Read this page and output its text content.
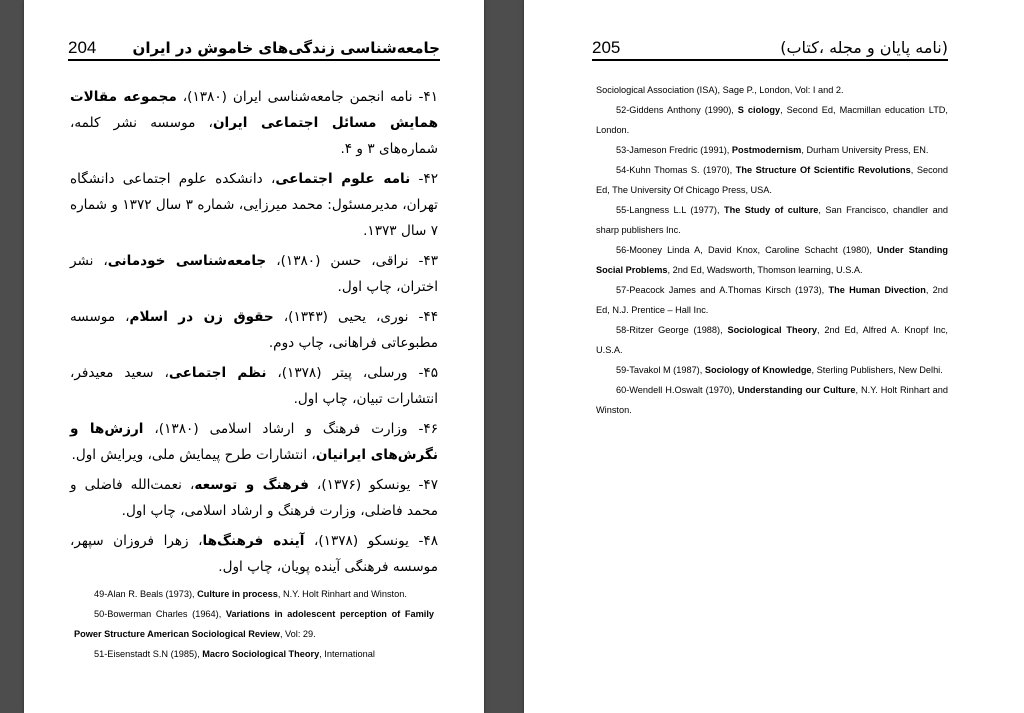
204 جامعه‌شناسی زندگی‌های خاموش در ایران

۴۱- نامه انجمن جامعه‌شناسی ایران (۱۳۸۰)، مجموعه مقالات همایش مسائل اجتماعی ایران، موسسه نشر کلمه، شماره‌های ۳ و ۴.

۴۲- نامه علوم اجتماعی، دانشکده علوم اجتماعی دانشگاه تهران، مدیرمسئول: محمد میرزایی، شماره ۳ سال ۱۳۷۲ و شماره ۷ سال ۱۳۷۳.

۴۳- نراقی، حسن (۱۳۸۰)، جامعه‌شناسی خودمانی، نشر اختران، چاپ اول.

۴۴- نوری، یحیی (۱۳۴۳)، حقوق زن در اسلام، موسسه مطبوعاتی فراهانی، چاپ دوم.

۴۵- ورسلی، پیتر (۱۳۷۸)، نظم اجتماعی، سعید معیدفر، انتشارات تبیان، چاپ اول.

۴۶- وزارت فرهنگ و ارشاد اسلامی (۱۳۸۰)، ارزش‌ها و نگرش‌های ایرانیان، انتشارات طرح پیمایش ملی، ویرایش اول.

۴۷- یونسکو (۱۳۷۶)، فرهنگ و توسعه، نعمت‌الله فاضلی و محمد فاضلی، وزارت فرهنگ و ارشاد اسلامی، چاپ اول.

۴۸- یونسکو (۱۳۷۸)، آینده فرهنگ‌ها، زهرا فروزان سپهر، موسسه فرهنگی آینده پویان، چاپ اول.

49-Alan R. Beals (1973), Culture in process, N.Y. Holt Rinhart and Winston.

50-Bowerman Charles (1964), Variations in adolescent perception of Family Power Structure American Sociological Review, Vol: 29.

51-Eisenstadt S.N (1985), Macro Sociological Theory, International

205	(نامه پایان و مجله ،کتاب)

Sociological Association (ISA), Sage P., London, Vol: I and 2.

52-Giddens Anthony (1990), S ciology, Second Ed, Macmillan education LTD, London.

53-Jameson Fredric (1991), Postmodernism, Durham University Press, EN.

54-Kuhn Thomas S. (1970), The Structure Of Scientific Revolutions, Second Ed, The University Of Chicago Press, USA.

55-Langness L.L (1977), The Study of culture, San Francisco, chandler and sharp publishers Inc.

56-Mooney Linda A, David Knox, Caroline Schacht (1980), Under Standing Social Problems, 2nd Ed, Wadsworth, Thomson learning, U.S.A.

57-Peacock James and A.Thomas Kirsch (1973), The Human Divection, 2nd Ed, N.J. Prentice – Hall Inc.

58-Ritzer George (1988), Sociological Theory, 2nd Ed, Alfred A. Knopf Inc, U.S.A.

59-Tavakol M (1987), Sociology of Knowledge, Sterling Publishers, New Delhi.

60-Wendell H.Oswalt (1970), Understanding our Culture, N.Y. Holt Rinhart and Winston.
